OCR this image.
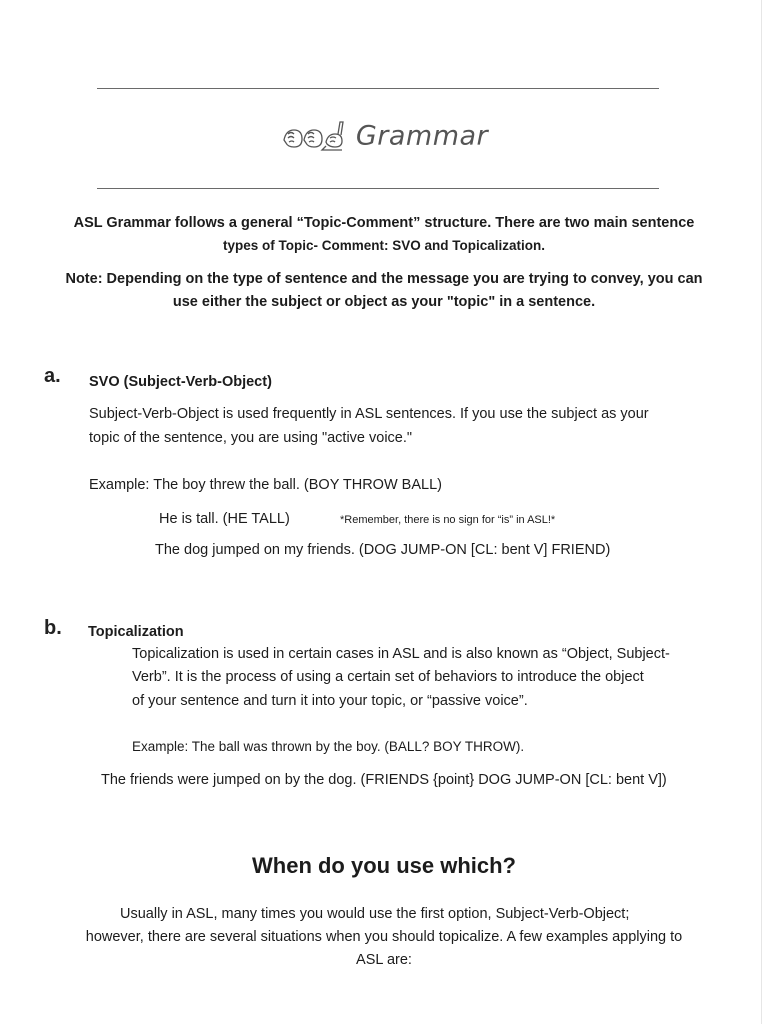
Grammar
ASL Grammar follows a general “Topic-Comment” structure. There are two main sentence
types of Topic- Comment: SVO and Topicalization.
Note: Depending on the type of sentence and the message you are trying to convey, you can
use either the subject or object as your "topic" in a sentence.
a. SVO (Subject-Verb-Object)
Subject-Verb-Object is used frequently in ASL sentences. If you use the subject as your
topic of the sentence, you are using "active voice."
Example: The boy threw the ball. (BOY THROW BALL)
He is tall. (HE TALL)	*Remember, there is no sign for “is” in ASL!*
The dog jumped on my friends. (DOG JUMP-ON [CL: bent V] FRIEND)
b. Topicalization
Topicalization is used in certain cases in ASL and is also known as “Object, Subject-
Verb”. It is the process of using a certain set of behaviors to introduce the object
of your sentence and turn it into your topic, or “passive voice”.
Example: The ball was thrown by the boy. (BALL? BOY THROW).
The friends were jumped on by the dog. (FRIENDS {point} DOG JUMP-ON [CL: bent V])
When do you use which?
Usually in ASL, many times you would use the first option, Subject-Verb-Object;
however, there are several situations when you should topicalize. A few examples applying to
ASL are:
